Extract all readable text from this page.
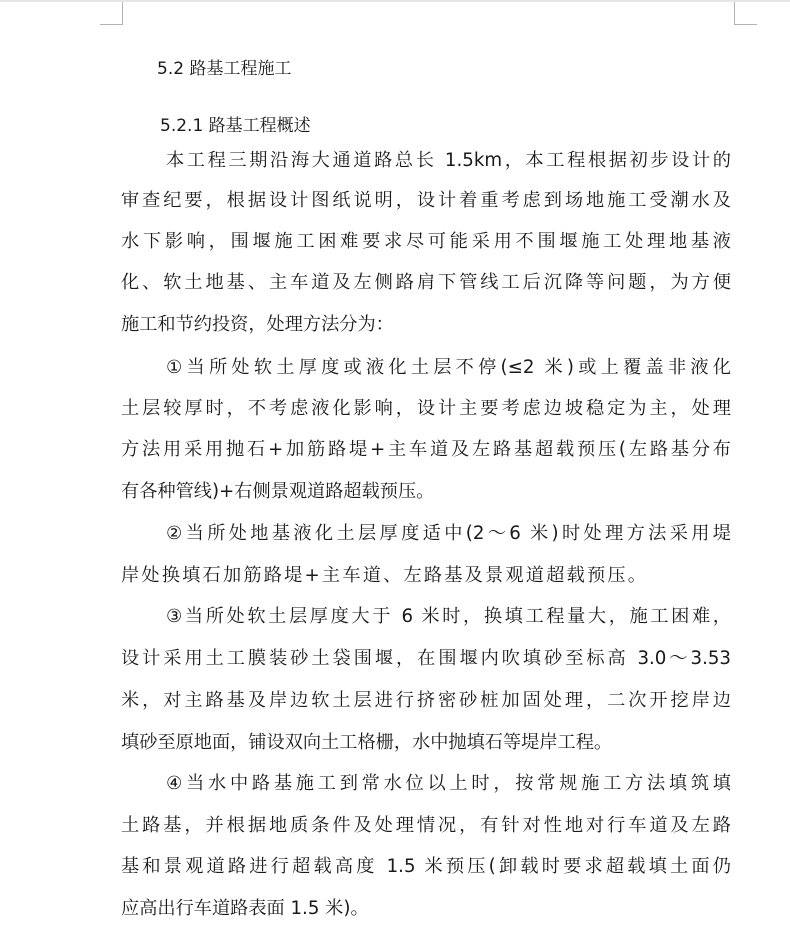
5.2 路基工程施工
5.2.1 路基工程概述
本工程三期沿海大通道路总长 1.5km，本工程根据初步设计的
审查纪要，根据设计图纸说明，设计着重考虑到场地施工受潮水及
水下影响，围堰施工困难要求尽可能采用不围堰施工处理地基液
化、软土地基、主车道及左侧路肩下管线工后沉降等问题，为方便
施工和节约投资，处理方法分为：
①当所处软土厚度或液化土层不停(≤2 米)或上覆盖非液化
土层较厚时，不考虑液化影响，设计主要考虑边坡稳定为主，处理
方法用采用抛石+加筋路堤+主车道及左路基超载预压(左路基分布
有各种管线)+右侧景观道路超载预压。
②当所处地基液化土层厚度适中(2～6 米)时处理方法采用堤
岸处换填石加筋路堤+主车道、左路基及景观道超载预压。
③当所处软土层厚度大于 6 米时，换填工程量大，施工困难，
设计采用土工膜装砂土袋围堰，在围堰内吹填砂至标高 3.0～3.53
米，对主路基及岸边软土层进行挤密砂桩加固处理，二次开挖岸边
填砂至原地面，铺设双向土工格栅，水中抛填石等堤岸工程。
④当水中路基施工到常水位以上时，按常规施工方法填筑填
土路基，并根据地质条件及处理情况，有针对性地对行车道及左路
基和景观道路进行超载高度 1.5 米预压(卸载时要求超载填土面仍
应高出行车道路表面 1.5 米)。
